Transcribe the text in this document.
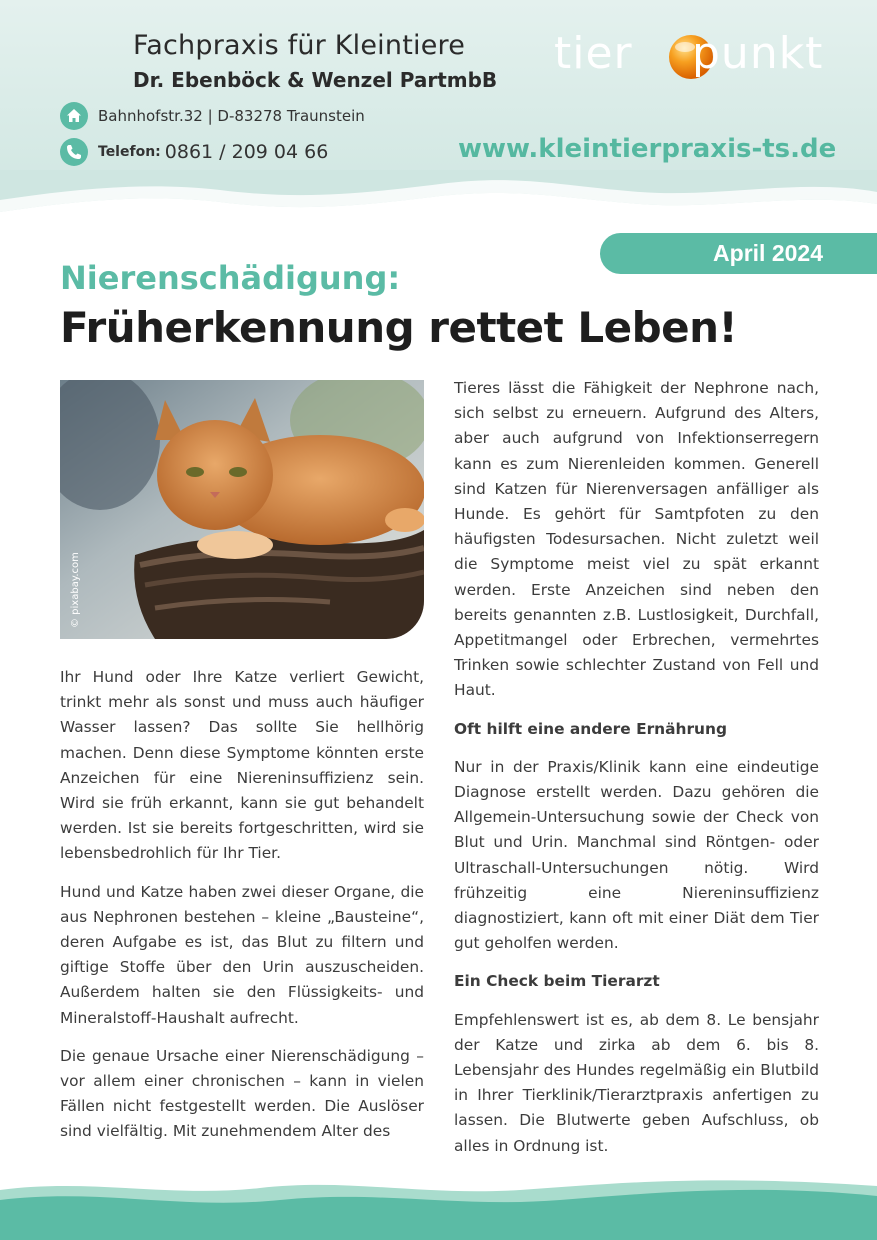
Fachpraxis für Kleintiere
Dr. Ebenböck & Wenzel PartmbB
tier punkt
Bahnhofstr.32 | D-83278 Traunstein
Telefon: 0861 / 209 04 66	www.kleintierpraxis-ts.de
April 2024
Nierenschädigung:
Früherkennung rettet Leben!
© pixabay.com

Ihr Hund oder Ihre Katze verliert Gewicht, trinkt mehr als sonst und muss auch häufiger Wasser lassen? Das sollte Sie hellhörig machen. Denn diese Symptome könnten erste Anzeichen für eine Niereninsuffizienz sein. Wird sie früh erkannt, kann sie gut behandelt werden. Ist sie bereits fortgeschritten, wird sie lebensbedrohlich für Ihr Tier.

Hund und Katze haben zwei dieser Organe, die aus Nephronen bestehen – kleine „Bausteine“, deren Aufgabe es ist, das Blut zu filtern und giftige Stoffe über den Urin auszuscheiden. Außerdem halten sie den Flüssigkeits- und Mineralstoff-Haushalt aufrecht.

Die genaue Ursache einer Nierenschädigung – vor allem einer chronischen – kann in vielen Fällen nicht festgestellt werden. Die Auslöser sind vielfältig. Mit zunehmendem Alter des

Tieres lässt die Fähigkeit der Nephrone nach, sich selbst zu erneuern. Aufgrund des Alters, aber auch aufgrund von Infektionserregern kann es zum Nierenleiden kommen. Generell sind Katzen für Nierenversagen anfälliger als Hunde. Es gehört für Samtpfoten zu den häufigsten Todesursachen. Nicht zuletzt weil die Symptome meist viel zu spät erkannt werden. Erste Anzeichen sind neben den bereits genannten z.B. Lustlosigkeit, Durchfall, Appetitmangel oder Erbrechen, vermehrtes Trinken sowie schlechter Zustand von Fell und Haut.

Oft hilft eine andere Ernährung

Nur in der Praxis/Klinik kann eine eindeutige Diagnose erstellt werden. Dazu gehören die Allgemein-Untersuchung sowie der Check von Blut und Urin. Manchmal sind Röntgen- oder Ultraschall-Untersuchungen nötig. Wird frühzeitig eine Niereninsuffizienz diagnostiziert, kann oft mit einer Diät dem Tier gut geholfen werden.

Ein Check beim Tierarzt

Empfehlenswert ist es, ab dem 8. Le bensjahr der Katze und zirka ab dem 6. bis 8. Lebensjahr des Hundes regelmäßig ein Blutbild in Ihrer Tierklinik/Tierarztpraxis anfertigen zu lassen. Die Blutwerte geben Aufschluss, ob alles in Ordnung ist.
